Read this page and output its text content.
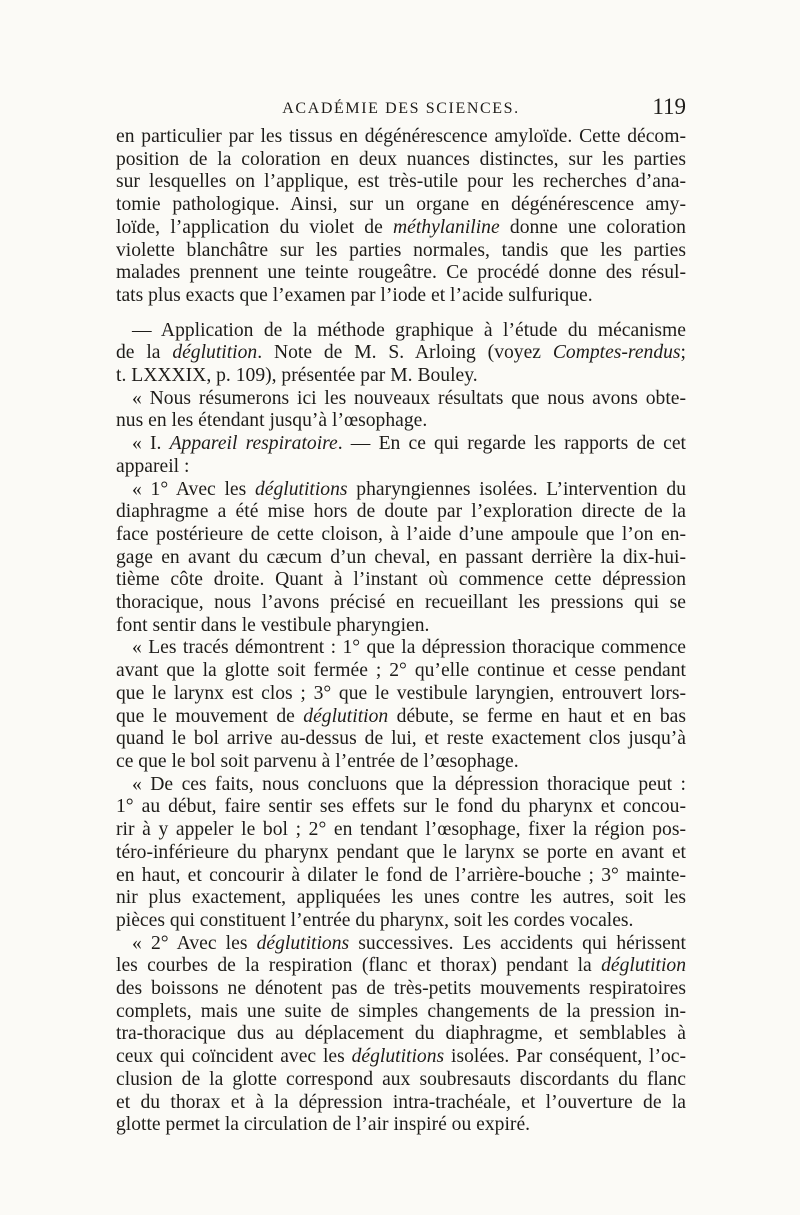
ACADÉMIE DES SCIENCES.	119

en particulier par les tissus en dégénérescence amyloïde. Cette décom-
position de la coloration en deux nuances distinctes, sur les parties
sur lesquelles on l’applique, est très-utile pour les recherches d’ana-
tomie pathologique. Ainsi, sur un organe en dégénérescence amy-
loïde, l’application du violet de méthylaniline donne une coloration
violette blanchâtre sur les parties normales, tandis que les parties
malades prennent une teinte rougeâtre. Ce procédé donne des résul-
tats plus exacts que l’examen par l’iode et l’acide sulfurique.

— Application de la méthode graphique à l’étude du mécanisme
de la déglutition. Note de M. S. Arloing (voyez Comptes-rendus;
t. LXXXIX, p. 109), présentée par M. Bouley.

« Nous résumerons ici les nouveaux résultats que nous avons obte-
nus en les étendant jusqu’à l’œsophage.

« I. Appareil respiratoire. — En ce qui regarde les rapports de cet
appareil :

« 1° Avec les déglutitions pharyngiennes isolées. L’intervention du
diaphragme a été mise hors de doute par l’exploration directe de la
face postérieure de cette cloison, à l’aide d’une ampoule que l’on en-
gage en avant du cæcum d’un cheval, en passant derrière la dix-hui-
tième côte droite. Quant à l’instant où commence cette dépression
thoracique, nous l’avons précisé en recueillant les pressions qui se
font sentir dans le vestibule pharyngien.

« Les tracés démontrent : 1° que la dépression thoracique commence
avant que la glotte soit fermée ; 2° qu’elle continue et cesse pendant
que le larynx est clos ; 3° que le vestibule laryngien, entrouvert lors-
que le mouvement de déglutition débute, se ferme en haut et en bas
quand le bol arrive au-dessus de lui, et reste exactement clos jusqu’à
ce que le bol soit parvenu à l’entrée de l’œsophage.

« De ces faits, nous concluons que la dépression thoracique peut :
1° au début, faire sentir ses effets sur le fond du pharynx et concou-
rir à y appeler le bol ; 2° en tendant l’œsophage, fixer la région pos-
téro-inférieure du pharynx pendant que le larynx se porte en avant et
en haut, et concourir à dilater le fond de l’arrière-bouche ; 3° mainte-
nir plus exactement, appliquées les unes contre les autres, soit les
pièces qui constituent l’entrée du pharynx, soit les cordes vocales.

« 2° Avec les déglutitions successives. Les accidents qui hérissent
les courbes de la respiration (flanc et thorax) pendant la déglutition
des boissons ne dénotent pas de très-petits mouvements respiratoires
complets, mais une suite de simples changements de la pression in-
tra-thoracique dus au déplacement du diaphragme, et semblables à
ceux qui coïncident avec les déglutitions isolées. Par conséquent, l’oc-
clusion de la glotte correspond aux soubresauts discordants du flanc
et du thorax et à la dépression intra-trachéale, et l’ouverture de la
glotte permet la circulation de l’air inspiré ou expiré.
